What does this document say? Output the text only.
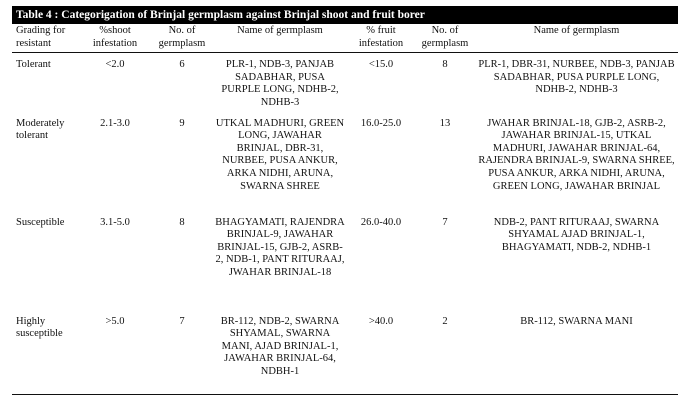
Table 4 : Categorigation of Brinjal germplasm against Brinjal shoot and fruit borer
Grading for resistant	%shoot infestation	No. of germplasm	Name of germplasm	% fruit infestation	No. of germplasm	Name of germplasm
Tolerant	<2.0	6	PLR-1, NDB-3, PANJAB SADABHAR, PUSA PURPLE LONG, NDHB-2, NDHB-3	<15.0	8	PLR-1, DBR-31, NURBEE, NDB-3, PANJAB SADABHAR, PUSA PURPLE LONG, NDHB-2, NDHB-3
Moderately tolerant	2.1-3.0	9	UTKAL MADHURI, GREEN LONG, JAWAHAR BRINJAL, DBR-31, NURBEE, PUSA ANKUR, ARKA NIDHI, ARUNA, SWARNA SHREE	16.0-25.0	13	JWAHAR BRINJAL-18, GJB-2, ASRB-2, JAWAHAR BRINJAL-15, UTKAL MADHURI, JAWAHAR BRINJAL-64, RAJENDRA BRINJAL-9, SWARNA SHREE, PUSA ANKUR, ARKA NIDHI, ARUNA, GREEN LONG, JAWAHAR BRINJAL
Susceptible	3.1-5.0	8	BHAGYAMATI, RAJENDRA BRINJAL-9, JAWAHAR BRINJAL-15, GJB-2, ASRB-2, NDB-1, PANT RITURAAJ, JWAHAR BRINJAL-18	26.0-40.0	7	NDB-2, PANT RITURAAJ, SWARNA SHYAMAL AJAD BRINJAL-1, BHAGYAMATI, NDB-2, NDHB-1
Highly susceptible	>5.0	7	BR-112, NDB-2, SWARNA SHYAMAL, SWARNA MANI, AJAD BRINJAL-1, JAWAHAR BRINJAL-64, NDBH-1	>40.0	2	BR-112, SWARNA MANI
